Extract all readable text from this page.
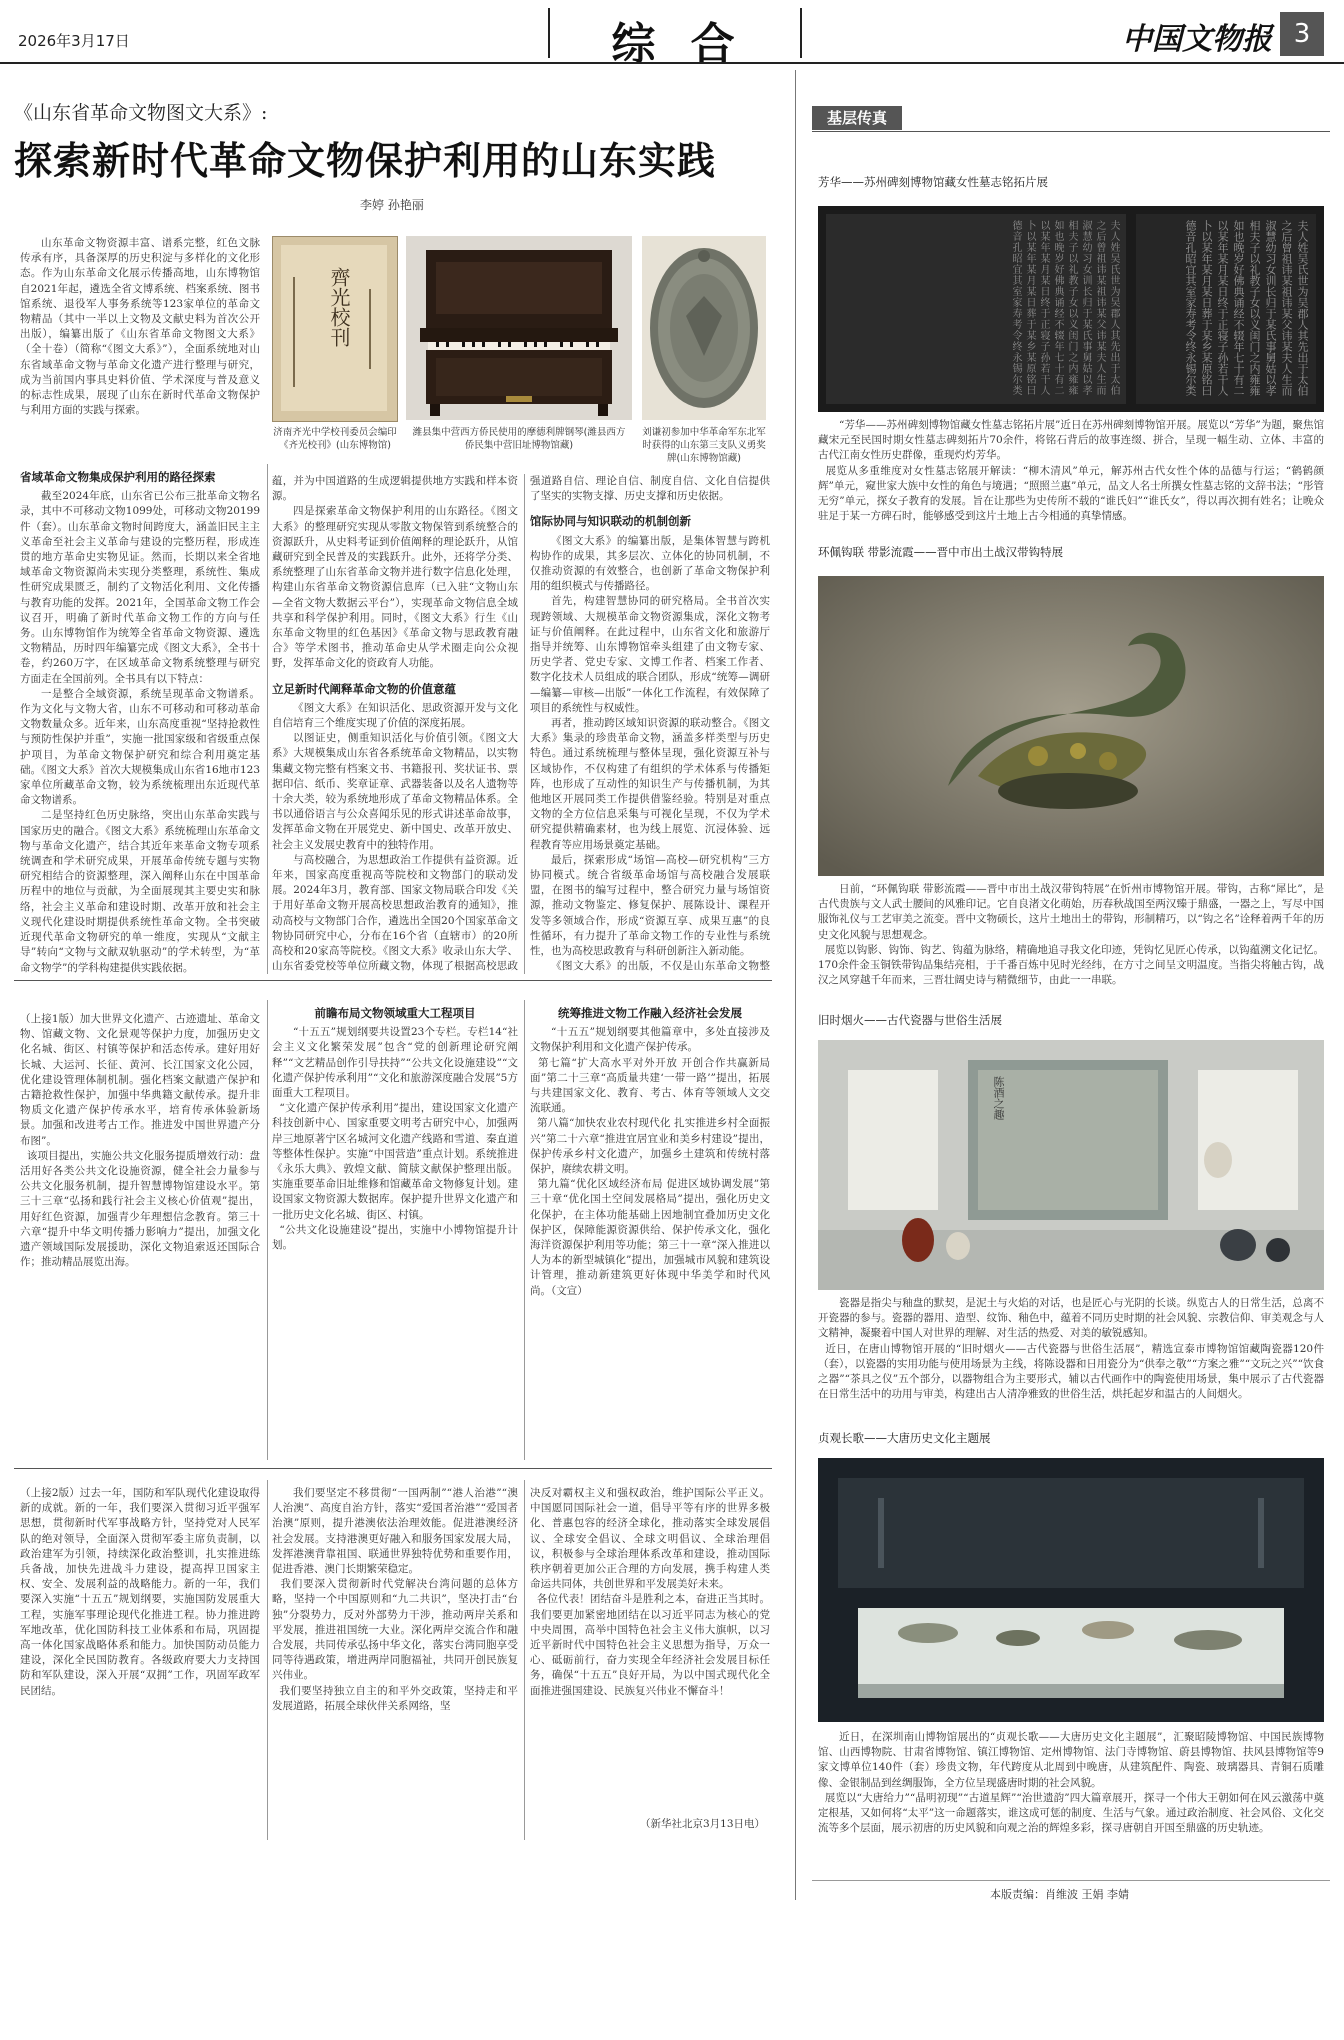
2026年3月17日	综 合	中国文物报 3
《山东省革命文物图文大系》:
探索新时代革命文物保护利用的山东实践
李婷 孙艳丽

山东革命文物资源丰富、谱系完整，红色文脉传承有序，具备深厚的历史积淀与多样化的文化形态。作为山东革命文化展示传播高地，山东博物馆自2021年起，遴选全省文博系统、档案系统、图书馆系统、退役军人事务系统等123家单位的革命文物精品（其中一半以上文物及文献史料为首次公开出版），编纂出版了《山东省革命文物图文大系》（全十卷）（简称“《图文大系》”），全面系统地对山东省域革命文物与革命文化遗产进行整理与研究，成为当前国内事具史料价值、学术深度与普及意义的标志性成果，展现了山东在新时代革命文物保护与利用方面的实践与探索。

齊光校刊
济南齐光中学校刊委员会编印《齐光校刊》(山东博物馆)
潍县集中营西方侨民使用的摩德利牌钢琴(潍县西方侨民集中营旧址博物馆藏)
刘谦初参加中华革命军东北军时获得的山东第三支队义勇奖牌(山东博物馆藏)
省域革命文物集成保护利用的路径探索

截至2024年底，山东省已公布三批革命文物名录，其中不可移动文物1099处，可移动文物20199件（套）。山东革命文物时间跨度大，涵盖旧民主主义革命至社会主义革命与建设的完整历程，形成连贯的地方革命史实物见证。然而，长期以来全省地域革命文物资源尚未实现分类整理，系统性、集成性研究成果匮乏，制约了文物活化利用、文化传播与教育功能的发挥。2021年，全国革命文物工作会议召开，明确了新时代革命文物工作的方向与任务。山东博物馆作为统筹全省革命文物资源、遴选文物精品，历时四年编纂完成《图文大系》，全书十卷，约260万字，在区域革命文物系统整理与研究方面走在全国前列。全书具有以下特点：

一是整合全域资源，系统呈现革命文物谱系。作为文化与文物大省，山东不可移动和可移动革命文物数量众多。近年来，山东高度重视“坚持抢救性与预防性保护并重”，实施一批国家级和省级重点保护项目，为革命文物保护研究和综合利用奠定基础。《图文大系》首次大规模集成山东省16地市123家单位所藏革命文物，较为系统梳理出东近现代革命文物谱系。

二是坚持红色历史脉络，突出山东革命实践与国家历史的融合。《图文大系》系统梳理山东革命文物与革命文化遗产，结合其近年来革命文物专项系统调查和学术研究成果，开展革命传统专题与实物研究相结合的资源整理，深入阐释山东在中国革命历程中的地位与贡献，为全面展现其主要史实和脉络，社会主义革命和建设时期、改革开放和社会主义现代化建设时期提供系统性革命文物。全书突破近现代革命文物研究的单一维度，实现从“文献主导”转向“文物与文献双轨驱动”的学术转型，为“革命文物学”的学科构建提供实践依据。

蕴，并为中国道路的生成逻辑提供地方实践和样本资源。

四是探索革命文物保护利用的山东路径。《图文大系》的整理研究实现从零散文物保管到系统整合的资源跃升，从史料考证到价值阐释的理论跃升，从馆藏研究到全民普及的实践跃升。此外，还将学分类、系统整理了山东省革命文物并进行数字信息化处理，构建山东省革命文物资源信息库（已入驻“文物山东—全省文物大数据云平台”），实现革命文物信息全域共享和科学保护利用。同时，《图文大系》行生《山东革命文物里的红色基因》《革命文物与思政教育融合》等学术图书，推动革命史从学术圈走向公众视野，发挥革命文化的资政育人功能。

立足新时代阐释革命文物的价值意蕴

《图文大系》在知识活化、思政资源开发与文化自信培育三个维度实现了价值的深度拓展。

以图证史，侧重知识活化与价值引领。《图文大系》大规模集成山东省各系统革命文物精品，以实物集藏文物完整有档案文书、书籍报刊、奖状证书、票据印信、纸币、奖章证章、武器装备以及名人遗物等十余大类，较为系统地形成了革命文物精品体系。全书以通俗语言与公众喜闻乐见的形式讲述革命故事，发挥革命文物在开展党史、新中国史、改革开放史、社会主义发展史教育中的独特作用。

与高校融合，为思想政治工作提供有益资源。近年来，国家高度重视高等院校和文物部门的联动发展。2024年3月，教育部、国家文物局联合印发《关于用好革命文物开展高校思想政治教育的通知》，推动高校与文物部门合作，遴选出全国20个国家革命文物协同研究中心，分布在16个省（直辖市）的20所高校和20家高等院校。《图文大系》收录山东大学、山东省委党校等单位所藏文物，体现了根据高校思政

强道路自信、理论自信、制度自信、文化自信提供了坚实的实物支撑、历史支撑和历史依据。

馆际协同与知识联动的机制创新

《图文大系》的编纂出版，是集体智慧与跨机构协作的成果，其多层次、立体化的协同机制，不仅推动资源的有效整合，也创新了革命文物保护利用的组织模式与传播路径。

首先，构建智慧协同的研究格局。全书首次实现跨领域、大规模革命文物资源集成，深化文物考证与价值阐释。在此过程中，山东省文化和旅游厅指导并统筹、山东博物馆牵头组建了由文物专家、历史学者、党史专家、文博工作者、档案工作者、数字化技术人员组成的联合团队，形成“统筹—调研—编纂—审核—出版”一体化工作流程，有效保障了项目的系统性与权威性。

再者，推动跨区域知识资源的联动整合。《图文大系》集录的珍贵革命文物，涵盖多样类型与历史特色。通过系统梳理与整体呈现，强化资源互补与区域协作，不仅构建了有组织的学术体系与传播矩阵，也形成了互动性的知识生产与传播机制，为其他地区开展同类工作提供借鉴经验。特别是对重点文物的全方位信息采集与可视化呈现，不仅为学术研究提供精确素材，也为线上展览、沉浸体验、远程教育等应用场景奠定基础。

最后，探索形成“场馆—高校—研究机构”三方协同模式。统合省级革命场馆与高校融合发展联盟，在图书的编写过程中，整合研究力量与场馆资源，推动文物鉴定、修复保护、展陈设计、课程开发等多领域合作，形成“资源互享、成果互惠”的良性循环，有力提升了革命文物工作的专业性与系统性，也为高校思政教育与科研创新注入新动能。

《图文大系》的出版，不仅是山东革命文物整

（上接1版）加大世界文化遗产、古迹遗址、革命文物、馆藏文物、文化景观等保护力度，加强历史文化名城、街区、村镇等保护和活态传承。建好用好长城、大运河、长征、黄河、长江国家文化公园，优化建设管理体制机制。强化档案文献遗产保护和古籍抢救性保护，加强中华典籍文献传承。提升非物质文化遗产保护传承水平，培育传承体验新场景。加强和改进考古工作。推进发中国世界遗产分布图”。
该项目提出，实施公共文化服务提质增效行动：盘活用好各类公共文化设施资源，健全社会力量参与公共文化服务机制，提升智慧博物馆建设水平。第三十三章“弘扬和践行社会主义核心价值观”提出，用好红色资源，加强青少年理想信念教育。第三十六章“提升中华文明传播力影响力”提出，加强文化遗产领域国际发展援助，深化文物追索返还国际合作；推动精品展览出海。

前瞻布局文物领域重大工程项目

“十五五”规划纲要共设置23个专栏。专栏14“社会主义文化繁荣发展”包含“党的创新理论研究阐释”“文艺精品创作引导扶持”“公共文化设施建设”“文化遗产保护传承利用”“文化和旅游深度融合发展”5方面重大工程项目。
“文化遗产保护传承利用”提出，建设国家文化遗产科技创新中心、国家重要文明考古研究中心，加强两岸三地原著宁区名城河文化遗产线路和雪道、秦直道等整体性保护。实施“中国营造”重点计划。系统推进《永乐大典》、敦煌文献、简牍文献保护整理出版。实施重要革命旧址维修和馆藏革命文物修复计划。建设国家文物资源大数据库。保护提升世界文化遗产和一批历史文化名城、街区、村镇。
“公共文化设施建设”提出，实施中小博物馆提升计划。

统筹推进文物工作融入经济社会发展

“十五五”规划纲要其他篇章中，多处直接涉及文物保护利用和文化遗产保护传承。
第七篇“扩大高水平对外开放 开创合作共赢新局面”第二十三章“高质量共建‘一带一路’”提出，拓展与共建国家文化、教育、考古、体育等领域人文交流联通。
第八篇“加快农业农村现代化 扎实推进乡村全面振兴”第二十六章“推进宜居宜业和美乡村建设”提出，保护传承乡村文化遗产，加强乡土建筑和传统村落保护，赓续农耕文明。
第九篇“优化区域经济布局 促进区域协调发展”第三十章“优化国土空间发展格局”提出，强化历史文化保护，在主体功能基础上因地制宜叠加历史文化保护区，保障能源资源供给、保护传承文化，强化海洋资源保护利用等功能；第三十一章“深入推进以人为本的新型城镇化”提出，加强城市风貌和建筑设计管理，推动新建筑更好体现中华美学和时代风尚。（文宣）

（上接2版）过去一年，国防和军队现代化建设取得新的成就。新的一年，我们要深入贯彻习近平强军思想，贯彻新时代军事战略方针，坚持党对人民军队的绝对领导，全面深入贯彻军委主席负责制，以政治建军为引领，持续深化政治整训，扎实推进练兵备战，加快先进战斗力建设，提高捍卫国家主权、安全、发展利益的战略能力。新的一年，我们要深入实施“十五五”规划纲要，实施国防发展重大工程，实施军事理论现代化推进工程。协力推进跨军地改革，优化国防科技工业体系和布局，巩固提高一体化国家战略体系和能力。加快国防动员能力建设，深化全民国防教育。各级政府要大力支持国防和军队建设，深入开展“双拥”工作，巩固军政军民团结。

我们要坚定不移贯彻“一国两制”“港人治港”“澳人治澳”、高度自治方针，落实“爱国者治港”“爱国者治澳”原则，提升港澳依法治理效能。促进港澳经济社会发展。支持港澳更好融入和服务国家发展大局，发挥港澳背靠祖国、联通世界独特优势和重要作用，促进香港、澳门长期繁荣稳定。
我们要深入贯彻新时代党解决台湾问题的总体方略，坚持一个中国原则和“九二共识”，坚决打击“台独”分裂势力，反对外部势力干涉，推动两岸关系和平发展，推进祖国统一大业。深化两岸交流合作和融合发展，共同传承弘扬中华文化，落实台湾同胞享受同等待遇政策，增进两岸同胞福祉，共同开创民族复兴伟业。
我们要坚持独立自主的和平外交政策，坚持走和平发展道路，拓展全球伙伴关系网络，坚

决反对霸权主义和强权政治，维护国际公平正义。中国愿同国际社会一道，倡导平等有序的世界多极化、普惠包容的经济全球化，推动落实全球发展倡议、全球安全倡议、全球文明倡议、全球治理倡议，积极参与全球治理体系改革和建设，推动国际秩序朝着更加公正合理的方向发展，携手构建人类命运共同体，共创世界和平发展美好未来。
各位代表！团结奋斗是胜利之本，奋进正当其时。我们要更加紧密地团结在以习近平同志为核心的党中央周围，高举中国特色社会主义伟大旗帜，以习近平新时代中国特色社会主义思想为指导，万众一心、砥砺前行，奋力实现全年经济社会发展目标任务，确保“十五五”良好开局，为以中国式现代化全面推进强国建设、民族复兴伟业不懈奋斗！

（新华社北京3月13日电）
基层传真
芳华——苏州碑刻博物馆藏女性墓志铭拓片展
夫人姓吴氏世为吴郡人其先出于太伯之后曾祖讳某祖讳某父讳某夫人生而淑慧幼习女训长归于某氏事舅姑以孝相夫子以礼教子女以义闺门之内雍雍如也晚岁好佛典诵经不辍年七十有二以某年某月某日终于正寝子孙若干人卜以某年某月某日葬于某乡某原铭曰德音孔昭宜其室家寿考令终永锡尔类	夫人姓吴氏世为吴郡人其先出于太伯之后曾祖讳某祖讳某父讳某夫人生而淑慧幼习女训长归于某氏事舅姑以孝相夫子以礼教子女以义闺门之内雍雍如也晚岁好佛典诵经不辍年七十有二以某年某月某日终于正寝子孙若干人卜以某年某月某日葬于某乡某原铭曰德音孔昭宜其室家寿考令终永锡尔类

“芳华——苏州碑刻博物馆藏女性墓志铭拓片展”近日在苏州碑刻博物馆开展。展览以“芳华”为题，聚焦馆藏宋元至民国时期女性墓志碑刻拓片70余件，将铭石背后的故事连缀、拼合，呈现一幅生动、立体、丰富的古代江南女性历史群像，重现灼灼芳华。
展览从多重维度对女性墓志铭展开解读：“柳木清风”单元，解苏州古代女性个体的品德与行运；“鹤鹤颜辉”单元，窥世家大族中女性的角色与境遇；“照照兰惠”单元，品文人名士所撰女性墓志铭的文辞书法；“彤管无穷”单元，探女子教育的发展。旨在让那些为史传所不载的“谁氏妇”“谁氏女”，得以再次拥有姓名；让晚众驻足于某一方碑石时，能够感受到这片土地上古今相通的真挚情感。

环佩钩联 带影流霞——晋中市出土战汉带钩特展

日前，“环佩钩联 带影流霞——晋中市出土战汉带钩特展”在忻州市博物馆开展。带钩，古称“犀比”，是古代贵族与文人武士腰间的风雅印记。它自良渚文化萌始，历春秋战国至两汉臻于鼎盛，一器之上，写尽中国服饰礼仪与工艺审美之流变。晋中文物硕长，这片土地出土的带钩，形制精巧，以“钩之名”诠释着两千年的历史文化风貌与思想观念。
展览以钩影、钩饰、钩艺、钩蕴为脉络，精确地追寻我文化印迹，凭钩忆见匠心传承，以钩蕴溯文化记忆。170余件金玉铜铁带钩品集结亮相，于千番百炼中见时光经纬，在方寸之间呈文明温度。当指尖将触古钩，战汉之风穿越千年而来，三晋壮阔史诗与精微细节，由此一一串联。

旧时烟火——古代瓷器与世俗生活展
陈酒之趣

瓷器是指尖与釉盘的默契，是泥土与火焰的对话，也是匠心与光阴的长谈。纵览古人的日常生活，总离不开瓷器的参与。瓷器的器用、造型、纹饰、釉色中，蕴着不同历史时期的社会风貌、宗教信仰、审美观念与人文精神，凝聚着中国人对世界的理解、对生活的热爱、对美的敏锐感知。
近日，在唐山博物馆开展的“旧时烟火——古代瓷器与世俗生活展”，精选宣泰市博物馆馆藏陶瓷器120件（套），以瓷器的实用功能与使用场景为主线，将陈设器和日用瓷分为“供奉之敬”“方案之雅”“文玩之兴”“饮食之器”“茶具之仪”五个部分，以器物组合为主要形式，辅以古代画作中的陶瓷使用场景，集中展示了古代瓷器在日常生活中的功用与审美，构建出古人清净雅致的世俗生活，烘托起岁和温古的人间烟火。

贞观长歌——大唐历史文化主题展

近日，在深圳南山博物馆展出的“贞观长歌——大唐历史文化主题展”，汇聚昭陵博物馆、中国民族博物馆、山西博物院、甘肃省博物馆、镇江博物馆、定州博物馆、法门寺博物馆、蔚县博物馆、扶风县博物馆等9家文博单位140件（套）珍贵文物，年代跨度从北周到中晚唐，从建筑配件、陶瓷、玻璃器具、青铜石质雕像、金银制品到丝绸服饰，全方位呈现盛唐时期的社会风貌。
展览以“大唐给力”“晶明初现”“古道星辉”“治世遗韵”四大篇章展开，探寻一个伟大王朝如何在风云激荡中奠定根基，又如何将“太平”这一命题落实，谁这成可惩的制度、生活与气象。通过政治制度、社会风俗、文化交流等多个层面，展示初唐的历史风貌和向观之治的辉煌多彩，探寻唐朝自开国至鼎盛的历史轨迹。

本版责编：肖维波 王娟 李婧
